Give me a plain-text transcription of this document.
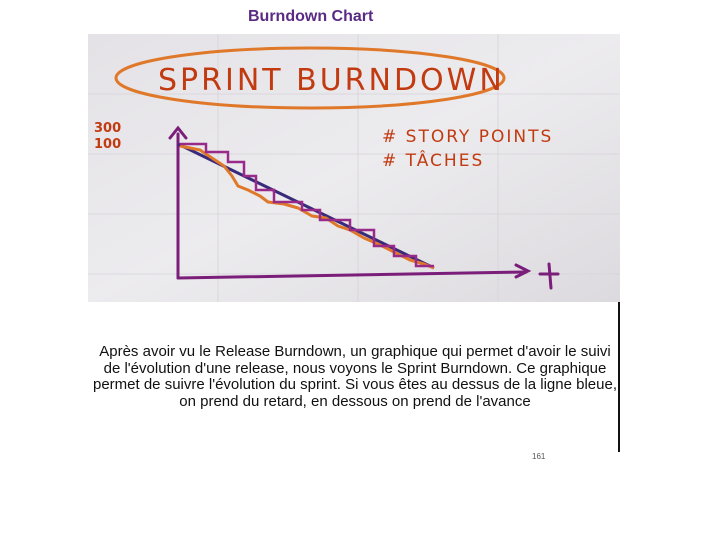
Burndown Chart
SPRINT BURNDOWN
300
100	# STORY POINTS
# TÂCHES
t

Après avoir vu le Release Burndown, un graphique qui permet d'avoir le suivi de l'évolution d'une release, nous voyons le Sprint Burndown. Ce graphique permet de suivre l'évolution du sprint. Si vous êtes au dessus de la ligne bleue, on prend du retard, en dessous on prend de l'avance

161
